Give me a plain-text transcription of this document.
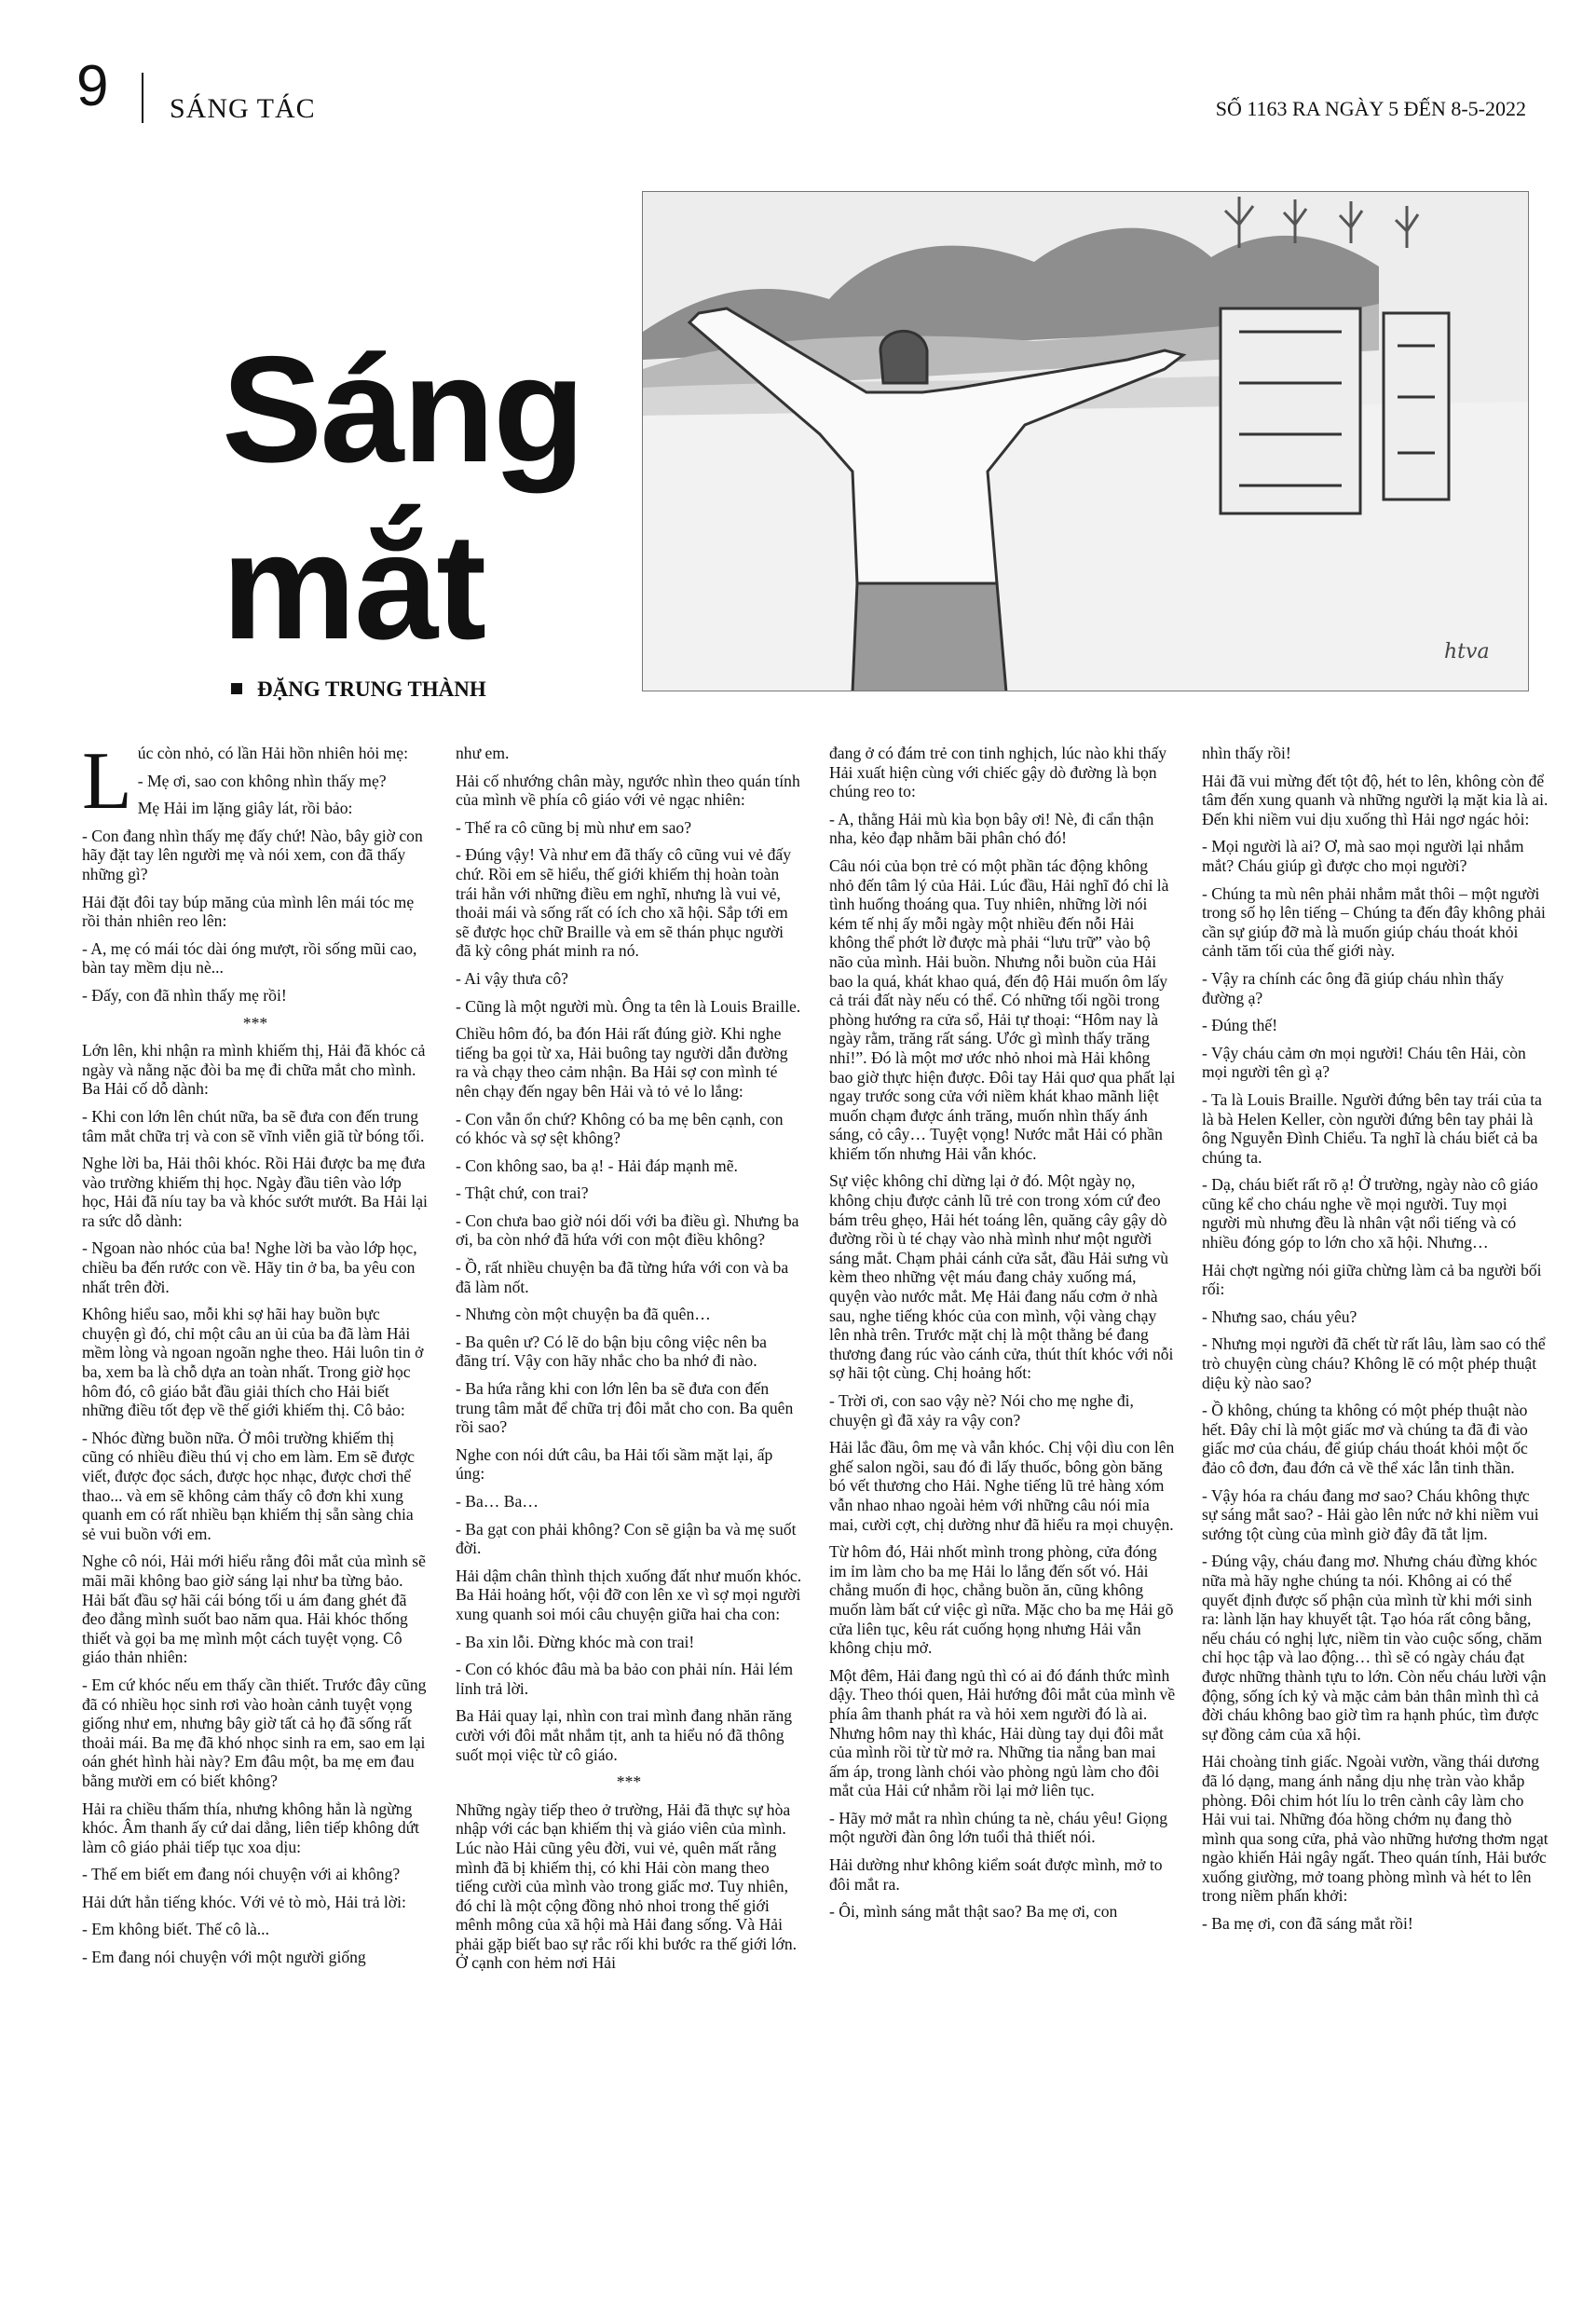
9 SÁNG TÁC	SỐ 1163 RA NGÀY 5 ĐẾN 8-5-2022
Sáng
mắt
ĐẶNG TRUNG THÀNH
htva
L úc còn nhỏ, có lần Hải hồn nhiên hỏi mẹ:

- Mẹ ơi, sao con không nhìn thấy mẹ?

Mẹ Hải im lặng giây lát, rồi bảo:

- Con đang nhìn thấy mẹ đấy chứ! Nào, bây giờ con hãy đặt tay lên người mẹ và nói xem, con đã thấy những gì?

Hải đặt đôi tay búp măng của mình lên mái tóc mẹ rồi thản nhiên reo lên:

- A, mẹ có mái tóc dài óng mượt, rồi sống mũi cao, bàn tay mềm dịu nè...

- Đấy, con đã nhìn thấy mẹ rồi!

***

Lớn lên, khi nhận ra mình khiếm thị, Hải đã khóc cả ngày và nằng nặc đòi ba mẹ đi chữa mắt cho mình. Ba Hải cố dỗ dành:

- Khi con lớn lên chút nữa, ba sẽ đưa con đến trung tâm mắt chữa trị và con sẽ vĩnh viễn giã từ bóng tối.

Nghe lời ba, Hải thôi khóc. Rồi Hải được ba mẹ đưa vào trường khiếm thị học. Ngày đầu tiên vào lớp học, Hải đã níu tay ba và khóc sướt mướt. Ba Hải lại ra sức dỗ dành:

- Ngoan nào nhóc của ba! Nghe lời ba vào lớp học, chiều ba đến rước con về. Hãy tin ở ba, ba yêu con nhất trên đời.

Không hiểu sao, mỗi khi sợ hãi hay buồn bực chuyện gì đó, chỉ một câu an ủi của ba đã làm Hải mềm lòng và ngoan ngoãn nghe theo. Hải luôn tin ở ba, xem ba là chỗ dựa an toàn nhất. Trong giờ học hôm đó, cô giáo bắt đầu giải thích cho Hải biết những điều tốt đẹp về thế giới khiếm thị. Cô bảo:

- Nhóc đừng buồn nữa. Ở môi trường khiếm thị cũng có nhiều điều thú vị cho em làm. Em sẽ được viết, được đọc sách, được học nhạc, được chơi thể thao... và em sẽ không cảm thấy cô đơn khi xung quanh em có rất nhiều bạn khiếm thị sẵn sàng chia sẻ vui buồn với em.

Nghe cô nói, Hải mới hiểu rằng đôi mắt của mình sẽ mãi mãi không bao giờ sáng lại như ba từng bảo. Hải bất đầu sợ hãi cái bóng tối u ám đang ghét đã đeo đẳng mình suốt bao năm qua. Hải khóc thống thiết và gọi ba mẹ mình một cách tuyệt vọng. Cô giáo thản nhiên:

- Em cứ khóc nếu em thấy cần thiết. Trước đây cũng đã có nhiều học sinh rơi vào hoàn cảnh tuyệt vọng giống như em, nhưng bây giờ tất cả họ đã sống rất thoải mái. Ba mẹ đã khó nhọc sinh ra em, sao em lại oán ghét hình hài này? Em đâu một, ba mẹ em đau bằng mười em có biết không?

Hải ra chiều thấm thía, nhưng không hẳn là ngừng khóc. Âm thanh ấy cứ dai dẳng, liên tiếp không dứt làm cô giáo phải tiếp tục xoa dịu:

- Thế em biết em đang nói chuyện với ai không?

Hải dứt hẳn tiếng khóc. Với vẻ tò mò, Hải trả lời:

- Em không biết. Thế cô là...

- Em đang nói chuyện với một người giống

như em.

Hải cố nhướng chân mày, ngước nhìn theo quán tính của mình về phía cô giáo với vẻ ngạc nhiên:

- Thế ra cô cũng bị mù như em sao?

- Đúng vậy! Và như em đã thấy cô cũng vui vẻ đấy chứ. Rồi em sẽ hiểu, thế giới khiếm thị hoàn toàn trái hẳn với những điều em nghĩ, nhưng là vui vẻ, thoải mái và sống rất có ích cho xã hội. Sắp tới em sẽ được học chữ Braille và em sẽ thán phục người đã kỳ công phát minh ra nó.

- Ai vậy thưa cô?

- Cũng là một người mù. Ông ta tên là Louis Braille.

Chiều hôm đó, ba đón Hải rất đúng giờ. Khi nghe tiếng ba gọi từ xa, Hải buông tay người dẫn đường ra và chạy theo cảm nhận. Ba Hải sợ con mình té nên chạy đến ngay bên Hải và tỏ vẻ lo lắng:

- Con vẫn ổn chứ? Không có ba mẹ bên cạnh, con có khóc và sợ sệt không?

- Con không sao, ba ạ! - Hải đáp mạnh mẽ.

- Thật chứ, con trai?

- Con chưa bao giờ nói dối với ba điều gì. Nhưng ba ơi, ba còn nhớ đã hứa với con một điều không?

- Ồ, rất nhiều chuyện ba đã từng hứa với con và ba đã làm nốt.

- Nhưng còn một chuyện ba đã quên…

- Ba quên ư? Có lẽ do bận bịu công việc nên ba đãng trí. Vậy con hãy nhắc cho ba nhớ đi nào.

- Ba hứa rằng khi con lớn lên ba sẽ đưa con đến trung tâm mắt để chữa trị đôi mắt cho con. Ba quên rồi sao?

Nghe con nói dứt câu, ba Hải tối sầm mặt lại, ấp úng:

- Ba… Ba…

- Ba gạt con phải không? Con sẽ giận ba và mẹ suốt đời.

Hải dậm chân thình thịch xuống đất như muốn khóc. Ba Hải hoảng hốt, vội đỡ con lên xe vì sợ mọi người xung quanh soi mói câu chuyện giữa hai cha con:

- Ba xin lỗi. Đừng khóc mà con trai!

- Con có khóc đâu mà ba bảo con phải nín. Hải lém lỉnh trả lời.

Ba Hải quay lại, nhìn con trai mình đang nhăn răng cười với đôi mắt nhắm tịt, anh ta hiểu nó đã thông suốt mọi việc từ cô giáo.

***

Những ngày tiếp theo ở trường, Hải đã thực sự hòa nhập với các bạn khiếm thị và giáo viên của mình. Lúc nào Hải cũng yêu đời, vui vẻ, quên mất rằng mình đã bị khiếm thị, có khi Hải còn mang theo tiếng cười của mình vào trong giấc mơ. Tuy nhiên, đó chỉ là một cộng đồng nhỏ nhoi trong thế giới mênh mông của xã hội mà Hải đang sống. Và Hải phải gặp biết bao sự rắc rối khi bước ra thế giới lớn. Ở cạnh con hẻm nơi Hải

đang ở có đám trẻ con tinh nghịch, lúc nào khi thấy Hải xuất hiện cùng với chiếc gậy dò đường là bọn chúng reo to:

- A, thằng Hải mù kìa bọn bây ơi! Nè, đi cẩn thận nha, kẻo đạp nhằm bãi phân chó đó!

Câu nói của bọn trẻ có một phần tác động không nhỏ đến tâm lý của Hải. Lúc đầu, Hải nghĩ đó chỉ là tình huống thoáng qua. Tuy nhiên, những lời nói kém tế nhị ấy mỗi ngày một nhiều đến nỗi Hải không thể phớt lờ được mà phải “lưu trữ” vào bộ não của mình. Hải buồn. Nhưng nỗi buồn của Hải bao la quá, khát khao quá, đến độ Hải muốn ôm lấy cả trái đất này nếu có thể. Có những tối ngồi trong phòng hướng ra cửa sổ, Hải tự thoại: “Hôm nay là ngày rằm, trăng rất sáng. Ước gì mình thấy trăng nhỉ!”. Đó là một mơ ước nhỏ nhoi mà Hải không bao giờ thực hiện được. Đôi tay Hải quơ qua phất lại ngay trước song cửa với niềm khát khao mãnh liệt muốn chạm được ánh trăng, muốn nhìn thấy ánh sáng, cỏ cây… Tuyệt vọng! Nước mắt Hải có phần khiếm tốn nhưng Hải vẫn khóc.

Sự việc không chỉ dừng lại ở đó. Một ngày nọ, không chịu được cảnh lũ trẻ con trong xóm cứ đeo bám trêu ghẹo, Hải hét toáng lên, quăng cây gậy dò đường rồi ù té chạy vào nhà mình như một người sáng mắt. Chạm phải cánh cửa sắt, đầu Hải sưng vù kèm theo những vệt máu đang chảy xuống má, quyện vào nước mắt. Mẹ Hải đang nấu cơm ở nhà sau, nghe tiếng khóc của con mình, vội vàng chạy lên nhà trên. Trước mặt chị là một thằng bé đang thương đang rúc vào cánh cửa, thút thít khóc với nỗi sợ hãi tột cùng. Chị hoảng hốt:

- Trời ơi, con sao vậy nè? Nói cho mẹ nghe đi, chuyện gì đã xảy ra vậy con?

Hải lắc đầu, ôm mẹ và vẫn khóc. Chị vội dìu con lên ghế salon ngồi, sau đó đi lấy thuốc, bông gòn băng bó vết thương cho Hải. Nghe tiếng lũ trẻ hàng xóm vẫn nhao nhao ngoài hẻm với những câu nói mỉa mai, cười cợt, chị dường như đã hiểu ra mọi chuyện.

Từ hôm đó, Hải nhốt mình trong phòng, cửa đóng im ỉm làm cho ba mẹ Hải lo lắng đến sốt vó. Hải chẳng muốn đi học, chẳng buồn ăn, cũng không muốn làm bất cứ việc gì nữa. Mặc cho ba mẹ Hải gõ cửa liên tục, kêu rát cuống họng nhưng Hải vẫn không chịu mở.

Một đêm, Hải đang ngủ thì có ai đó đánh thức mình dậy. Theo thói quen, Hải hướng đôi mắt của mình về phía âm thanh phát ra và hỏi xem người đó là ai. Nhưng hôm nay thì khác, Hải dùng tay dụi đôi mắt của mình rồi từ từ mở ra. Những tia nắng ban mai ấm áp, trong lành chói vào phòng ngủ làm cho đôi mắt của Hải cứ nhắm rồi lại mở liên tục.

- Hãy mở mắt ra nhìn chúng ta nè, cháu yêu! Giọng một người đàn ông lớn tuổi thả thiết nói.

Hải dường như không kiểm soát được mình, mở to đôi mắt ra.

- Ôi, mình sáng mắt thật sao? Ba mẹ ơi, con

nhìn thấy rồi!

Hải đã vui mừng đết tột độ, hét to lên, không còn để tâm đến xung quanh và những người lạ mặt kia là ai. Đến khi niềm vui dịu xuống thì Hải ngơ ngác hỏi:

- Mọi người là ai? Ơ, mà sao mọi người lại nhắm mắt? Cháu giúp gì được cho mọi người?

- Chúng ta mù nên phải nhắm mắt thôi – một người trong số họ lên tiếng – Chúng ta đến đây không phải cần sự giúp đỡ mà là muốn giúp cháu thoát khỏi cảnh tăm tối của thế giới này.

- Vậy ra chính các ông đã giúp cháu nhìn thấy đường ạ?

- Đúng thế!

- Vậy cháu cảm ơn mọi người! Cháu tên Hải, còn mọi người tên gì ạ?

- Ta là Louis Braille. Người đứng bên tay trái của ta là bà Helen Keller, còn người đứng bên tay phải là ông Nguyễn Đình Chiểu. Ta nghĩ là cháu biết cả ba chúng ta.

- Dạ, cháu biết rất rõ ạ! Ở trường, ngày nào cô giáo cũng kể cho cháu nghe về mọi người. Tuy mọi người mù nhưng đều là nhân vật nổi tiếng và có nhiều đóng góp to lớn cho xã hội. Nhưng…

Hải chợt ngừng nói giữa chừng làm cả ba người bối rối:

- Nhưng sao, cháu yêu?

- Nhưng mọi người đã chết từ rất lâu, làm sao có thể trò chuyện cùng cháu? Không lẽ có một phép thuật diệu kỳ nào sao?

- Ồ không, chúng ta không có một phép thuật nào hết. Đây chỉ là một giấc mơ và chúng ta đã đi vào giấc mơ của cháu, để giúp cháu thoát khỏi một ốc đảo cô đơn, đau đớn cả về thể xác lẫn tinh thần.

- Vậy hóa ra cháu đang mơ sao? Cháu không thực sự sáng mắt sao? - Hải gào lên nức nở khi niềm vui sướng tột cùng của mình giờ đây đã tắt lịm.

- Đúng vậy, cháu đang mơ. Nhưng cháu đừng khóc nữa mà hãy nghe chúng ta nói. Không ai có thể quyết định được số phận của mình từ khi mới sinh ra: lành lặn hay khuyết tật. Tạo hóa rất công bằng, nếu cháu có nghị lực, niềm tin vào cuộc sống, chăm chỉ học tập và lao động… thì sẽ có ngày cháu đạt được những thành tựu to lớn. Còn nếu cháu lười vận động, sống ích kỷ và mặc cảm bản thân mình thì cả đời cháu không bao giờ tìm ra hạnh phúc, tìm được sự đồng cảm của xã hội.

Hải choàng tỉnh giấc. Ngoài vườn, vầng thái dương đã ló dạng, mang ánh nắng dịu nhẹ tràn vào khắp phòng. Đôi chim hót líu lo trên cành cây làm cho Hải vui tai. Những đóa hồng chớm nụ đang thò mình qua song cửa, phả vào những hương thơm ngạt ngào khiến Hải ngây ngất. Theo quán tính, Hải bước xuống giường, mở toang phòng mình và hét to lên trong niềm phấn khởi:

- Ba mẹ ơi, con đã sáng mắt rồi!
